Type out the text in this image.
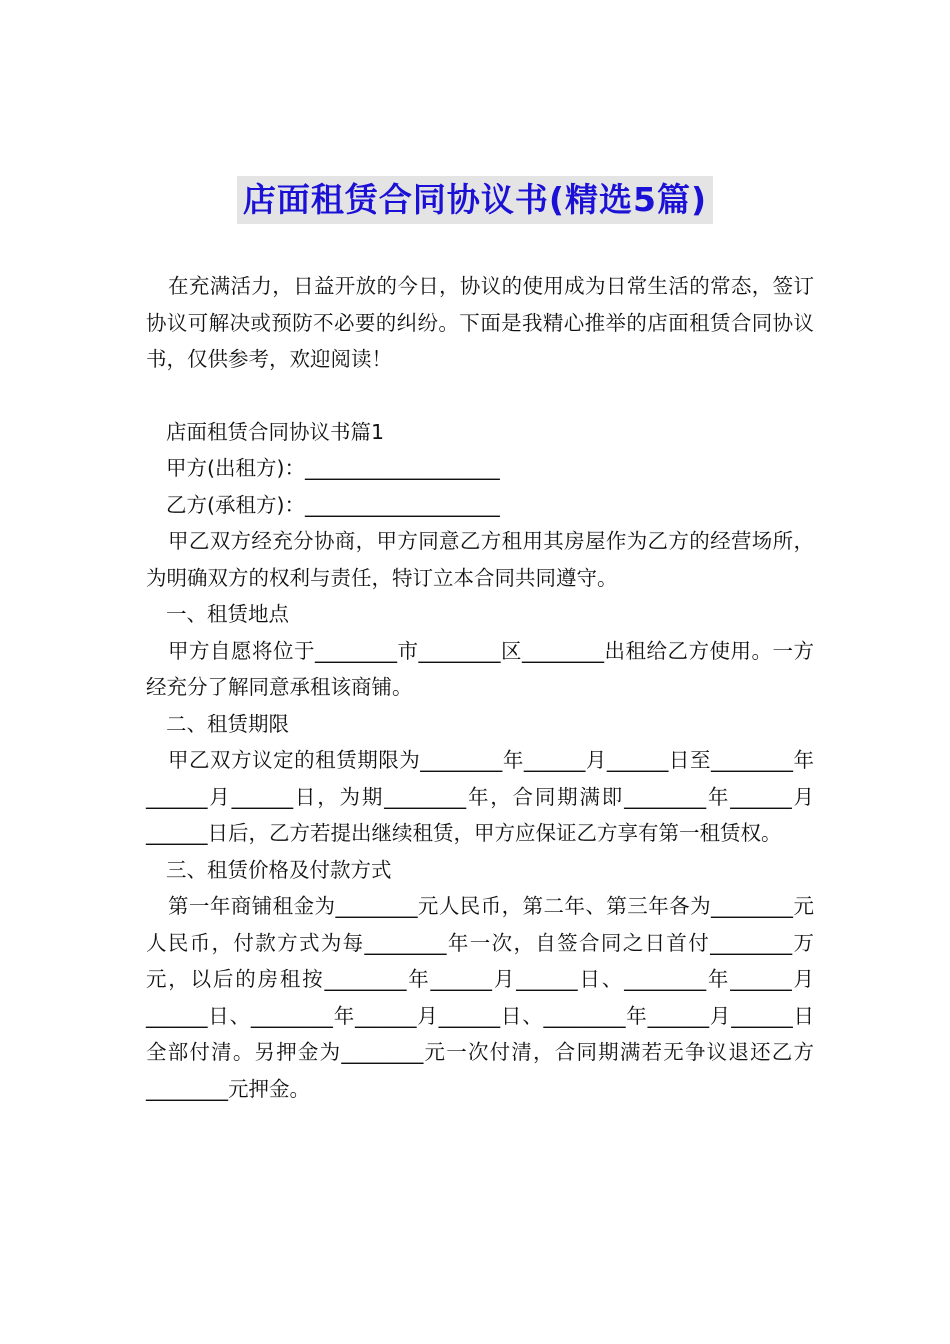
店面租赁合同协议书(精选5篇)

在充满活力，日益开放的今日，协议的使用成为日常生活的常态，签订协议可解决或预防不必要的纠纷。下面是我精心推举的店面租赁合同协议书，仅供参考，欢迎阅读！

店面租赁合同协议书篇1

甲方(出租方)：___________________

乙方(承租方)：___________________

甲乙双方经充分协商，甲方同意乙方租用其房屋作为乙方的经营场所，为明确双方的权利与责任，特订立本合同共同遵守。

一、租赁地点

甲方自愿将位于________市________区________出租给乙方使用。一方经充分了解同意承租该商铺。

二、租赁期限

甲乙双方议定的租赁期限为________年______月______日至________年______月______日，为期________年，合同期满即________年______月______日后，乙方若提出继续租赁，甲方应保证乙方享有第一租赁权。

三、租赁价格及付款方式

第一年商铺租金为________元人民币，第二年、第三年各为________元人民币，付款方式为每________年一次，自签合同之日首付________万元，以后的房租按________年______月______日、________年______月______日、________年______月______日、________年______月______日全部付清。另押金为________元一次付清，合同期满若无争议退还乙方________元押金。
